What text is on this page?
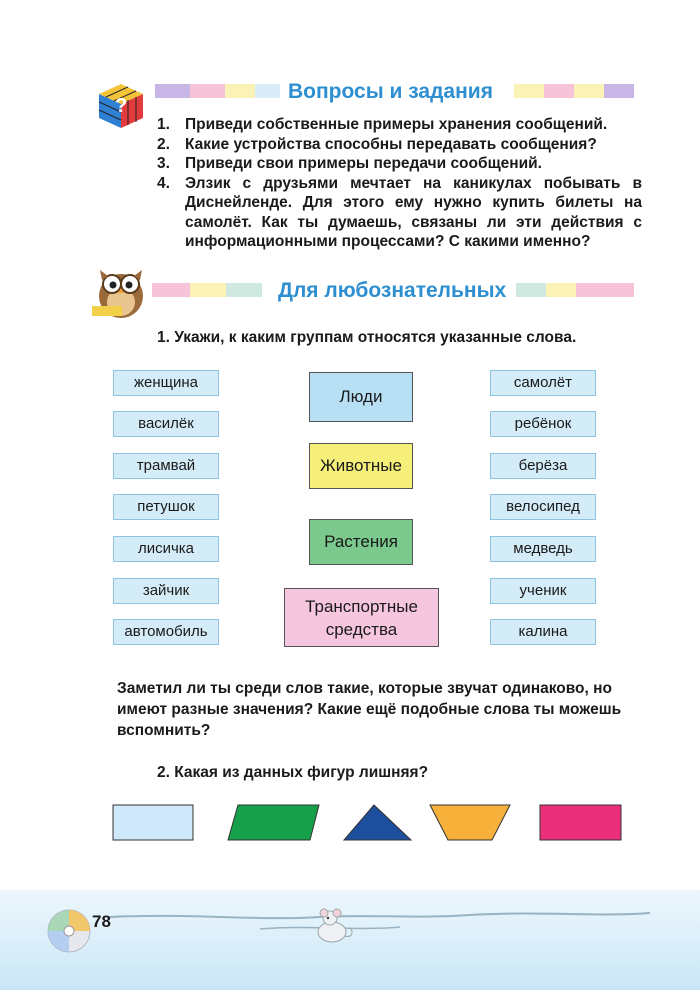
?
Вопросы и задания
1. Приведи собственные примеры хранения сообщений.
2. Какие устройства способны передавать сообщения?
3. Приведи свои примеры передачи сообщений.
4. Элзик с друзьями мечтает на каникулах побывать в Диснейленде. Для этого ему нужно купить билеты на самолёт. Как ты думаешь, связаны ли эти действия с информационными процессами? С какими именно?
Для любознательных
1. Укажи, к каким группам относятся указанные слова.
женщина
василёк
трамвай
петушок
лисичка
зайчик
автомобиль
Люди
Животные
Растения
Транспортные средства
самолёт
ребёнок
берёза
велосипед
медведь
ученик
калина
Заметил ли ты среди слов такие, которые звучат одинаково, но имеют разные значения? Какие ещё подобные слова ты можешь вспомнить?
2. Какая из данных фигур лишняя?
78
